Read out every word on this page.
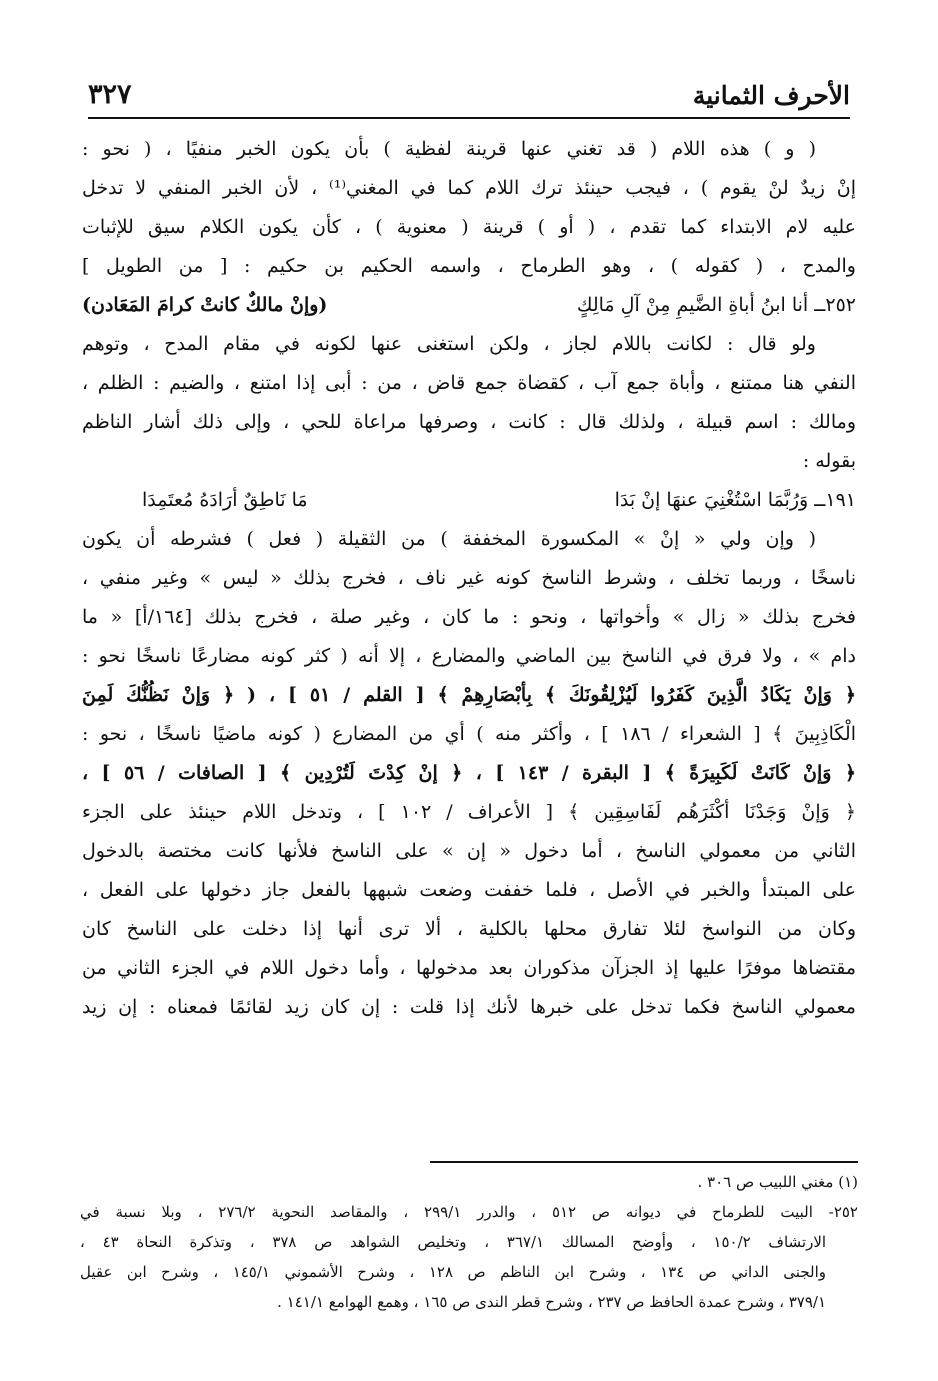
الأحرف الثمانية
٣٢٧
( و ) هذه اللام ( قد تغني عنها قرينة لفظية ) بأن يكون الخبر منفيًا ، ( نحو :
إنْ زيدٌ لنْ يقوم ) ، فيجب حينئذ ترك اللام كما في المغني⁽¹⁾ ، لأن الخبر المنفي لا تدخل
عليه لام الابتداء كما تقدم ، ( أو ) قرينة ( معنوية ) ، كأن يكون الكلام سيق للإثبات
والمدح ، ( كقوله ) ، وهو الطرماح ، واسمه الحكيم بن حكيم : [ من الطويل ]
٢٥٢ــ أنا ابنُ أباةِ الضَّيمِ مِنْ آلِ مَالِكٍ
(وإنْ مالكٌ كانتْ كرامَ المَعَادن)
ولو قال : لكانت باللام لجاز ، ولكن استغنى عنها لكونه في مقام المدح ، وتوهم
النفي هنا ممتنع ، وأباة جمع آب ، كقضاة جمع قاض ، من : أبى إذا امتنع ، والضيم : الظلم ،
ومالك : اسم قبيلة ، ولذلك قال : كانت ، وصرفها مراعاة للحي ، وإلى ذلك أشار الناظم
بقوله :
١٩١ــ وَرُبَّمَا اسْتُغْنِيَ عنهَا إنْ بَدَا
مَا نَاطِقٌ أرَادَهُ مُعتَمِدَا
( وإن ولي « إنْ » المكسورة المخففة ) من الثقيلة ( فعل ) فشرطه أن يكون
ناسخًا ، وربما تخلف ، وشرط الناسخ كونه غير ناف ، فخرج بذلك « ليس » وغير منفي ،
فخرج بذلك « زال » وأخواتها ، ونحو : ما كان ، وغير صلة ، فخرج بذلك [١٦٤/أ] « ما
دام » ، ولا فرق في الناسخ بين الماضي والمضارع ، إلا أنه ( كثر كونه مضارعًا ناسخًا نحو :
﴿ وَإنْ يَكَادُ الَّذِينَ كَفَرُوا لَيُزْلِقُونَكَ ﴾ بِأبْصَارِهِمْ ﴾ [ القلم / ٥١ ] ، ( ﴿ وَإنْ نَظُنُّكَ لَمِنَ
الْكَاذِبِينَ ﴾ [ الشعراء / ١٨٦ ] ، وأكثر منه ) أي من المضارع ( كونه ماضيًا ناسخًا ، نحو :
﴿ وَإنْ كَانَتْ لَكَبِيرَةً ﴾ [ البقرة / ١٤٣ ] ، ﴿ إنْ كِدْتَ لَتُرْدِين ﴾ [ الصافات / ٥٦ ] ،
﴿ وَإنْ وَجَدْنَا أكْثَرَهُم لَفَاسِقِين ﴾ [ الأعراف / ١٠٢ ] ، وتدخل اللام حينئذ على الجزء
الثاني من معمولي الناسخ ، أما دخول « إن » على الناسخ فلأنها كانت مختصة بالدخول
على المبتدأ والخبر في الأصل ، فلما خففت وضعت شبهها بالفعل جاز دخولها على الفعل ،
وكان من النواسخ لئلا تفارق محلها بالكلية ، ألا ترى أنها إذا دخلت على الناسخ كان
مقتضاها موفرًا عليها إذ الجزآن مذكوران بعد مدخولها ، وأما دخول اللام في الجزء الثاني من
معمولي الناسخ فكما تدخل على خبرها لأنك إذا قلت : إن كان زيد لقائمًا فمعناه : إن زيد
(١) مغني اللبيب ص ٣٠٦ .
٢٥٢- البيت للطرماح في ديوانه ص ٥١٢ ، والدرر ٢٩٩/١ ، والمقاصد النحوية ٢٧٦/٢ ، وبلا نسبة في
الارتشاف ١٥٠/٢ ، وأوضح المسالك ٣٦٧/١ ، وتخليص الشواهد ص ٣٧٨ ، وتذكرة النحاة ٤٣ ،
والجنى الداني ص ١٣٤ ، وشرح ابن الناظم ص ١٢٨ ، وشرح الأشموني ١٤٥/١ ، وشرح ابن عقيل
٣٧٩/١ ، وشرح عمدة الحافظ ص ٢٣٧ ، وشرح قطر الندى ص ١٦٥ ، وهمع الهوامع ١٤١/١ .
